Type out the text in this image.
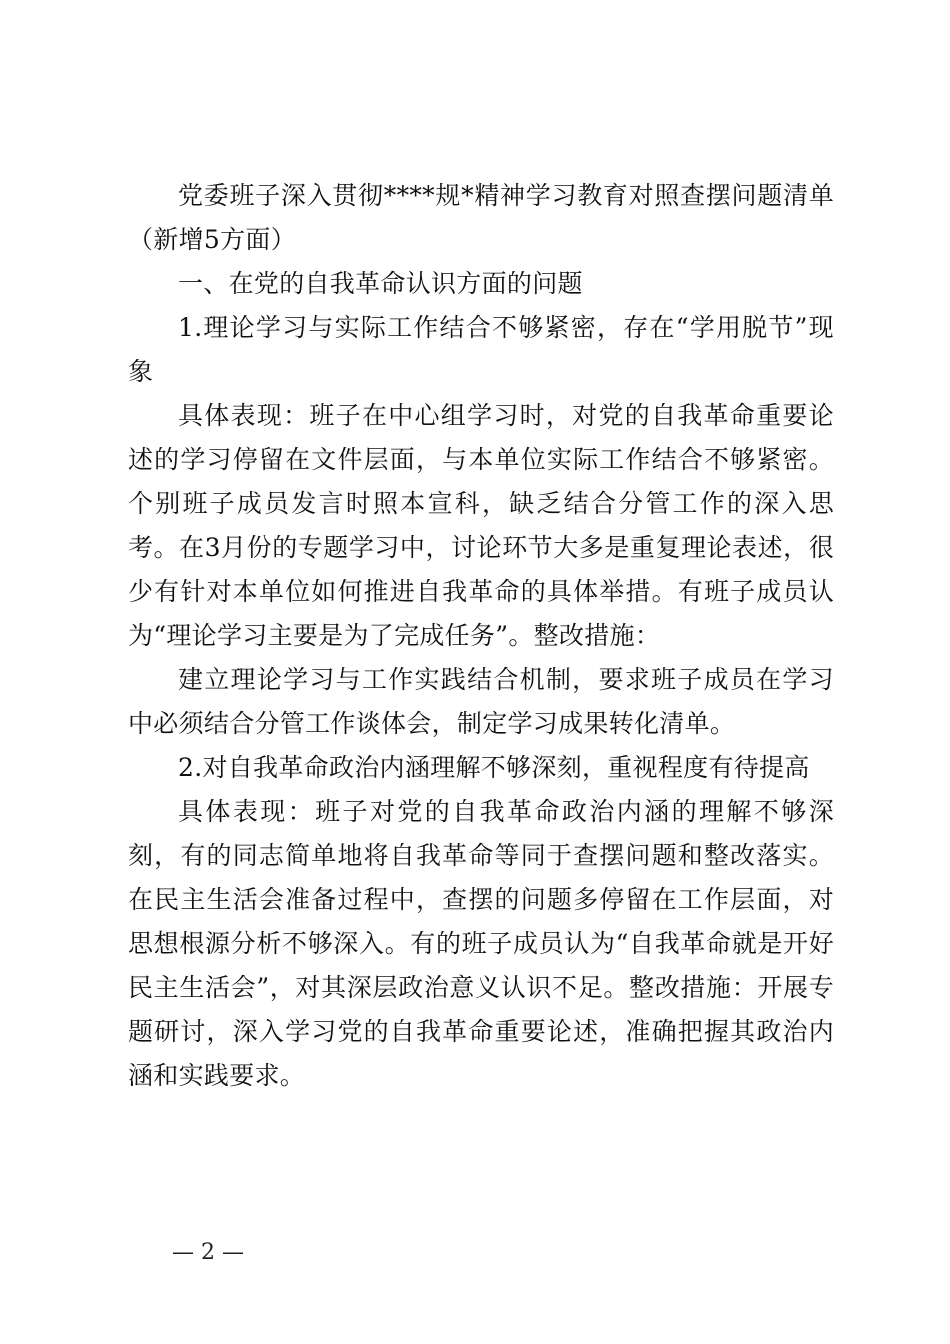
党委班子深入贯彻****规*精神学习教育对照查摆问题清单（新增5方面）

一、在党的自我革命认识方面的问题

1.理论学习与实际工作结合不够紧密，存在“学用脱节”现象

具体表现：班子在中心组学习时，对党的自我革命重要论述的学习停留在文件层面，与本单位实际工作结合不够紧密。个别班子成员发言时照本宣科，缺乏结合分管工作的深入思考。在3月份的专题学习中，讨论环节大多是重复理论表述，很少有针对本单位如何推进自我革命的具体举措。有班子成员认为“理论学习主要是为了完成任务”。整改措施：

建立理论学习与工作实践结合机制，要求班子成员在学习中必须结合分管工作谈体会，制定学习成果转化清单。

2.对自我革命政治内涵理解不够深刻，重视程度有待提高

具体表现：班子对党的自我革命政治内涵的理解不够深刻，有的同志简单地将自我革命等同于查摆问题和整改落实。在民主生活会准备过程中，查摆的问题多停留在工作层面，对思想根源分析不够深入。有的班子成员认为“自我革命就是开好民主生活会”，对其深层政治意义认识不足。整改措施：开展专题研讨，深入学习党的自我革命重要论述，准确把握其政治内涵和实践要求。

— 2 —
